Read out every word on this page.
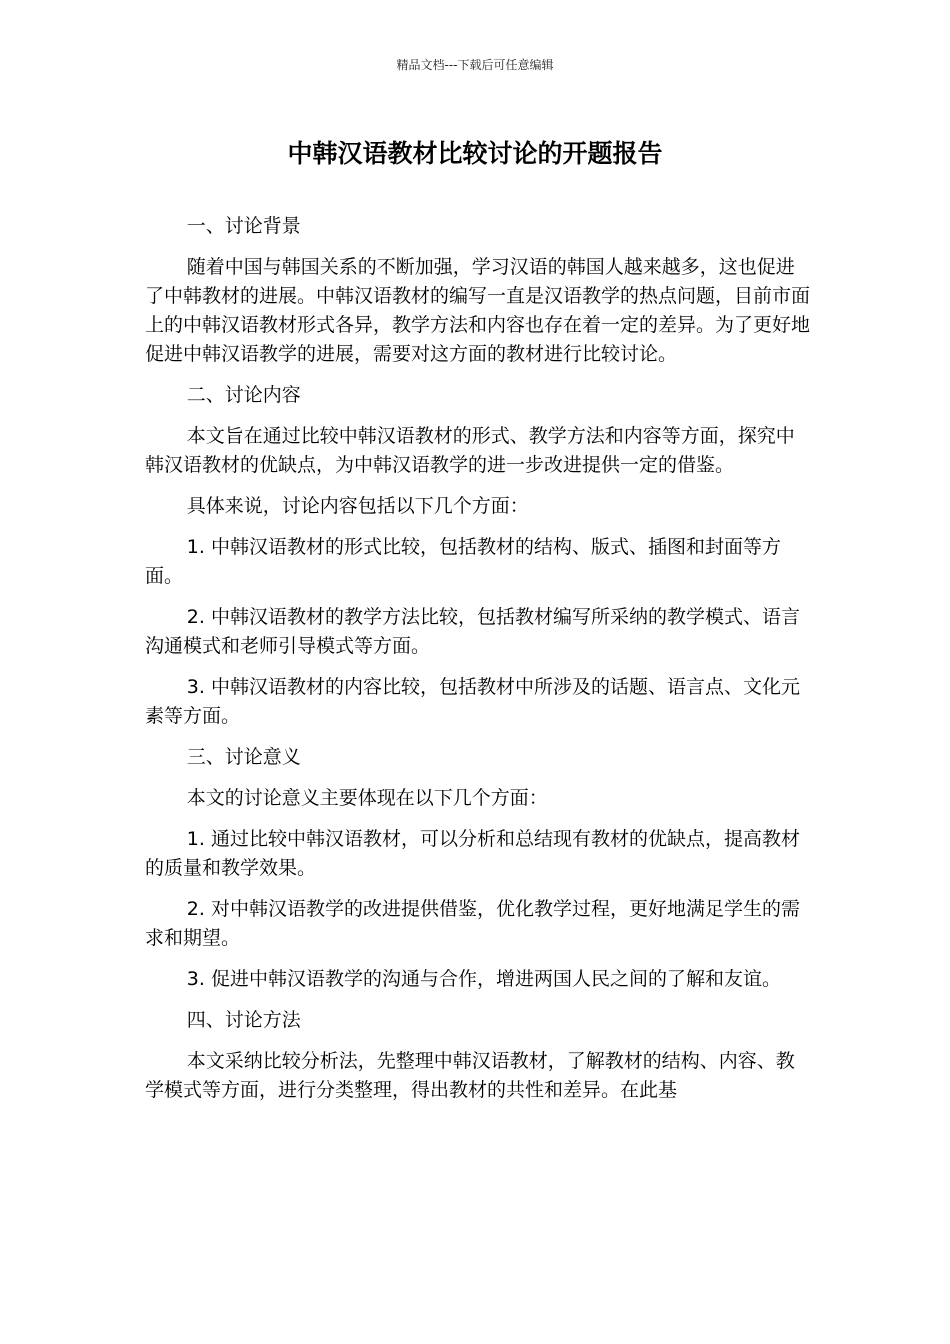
精品文档---下载后可任意编辑
中韩汉语教材比较讨论的开题报告

一、讨论背景

随着中国与韩国关系的不断加强，学习汉语的韩国人越来越多，这也促进了中韩教材的进展。中韩汉语教材的编写一直是汉语教学的热点问题，目前市面上的中韩汉语教材形式各异，教学方法和内容也存在着一定的差异。为了更好地促进中韩汉语教学的进展，需要对这方面的教材进行比较讨论。

二、讨论内容

本文旨在通过比较中韩汉语教材的形式、教学方法和内容等方面，探究中韩汉语教材的优缺点，为中韩汉语教学的进一步改进提供一定的借鉴。

具体来说，讨论内容包括以下几个方面：

1. 中韩汉语教材的形式比较，包括教材的结构、版式、插图和封面等方面。

2. 中韩汉语教材的教学方法比较，包括教材编写所采纳的教学模式、语言沟通模式和老师引导模式等方面。

3. 中韩汉语教材的内容比较，包括教材中所涉及的话题、语言点、文化元素等方面。

三、讨论意义

本文的讨论意义主要体现在以下几个方面：

1. 通过比较中韩汉语教材，可以分析和总结现有教材的优缺点，提高教材的质量和教学效果。

2. 对中韩汉语教学的改进提供借鉴，优化教学过程，更好地满足学生的需求和期望。

3. 促进中韩汉语教学的沟通与合作，增进两国人民之间的了解和友谊。

四、讨论方法

本文采纳比较分析法，先整理中韩汉语教材，了解教材的结构、内容、教学模式等方面，进行分类整理，得出教材的共性和差异。在此基
